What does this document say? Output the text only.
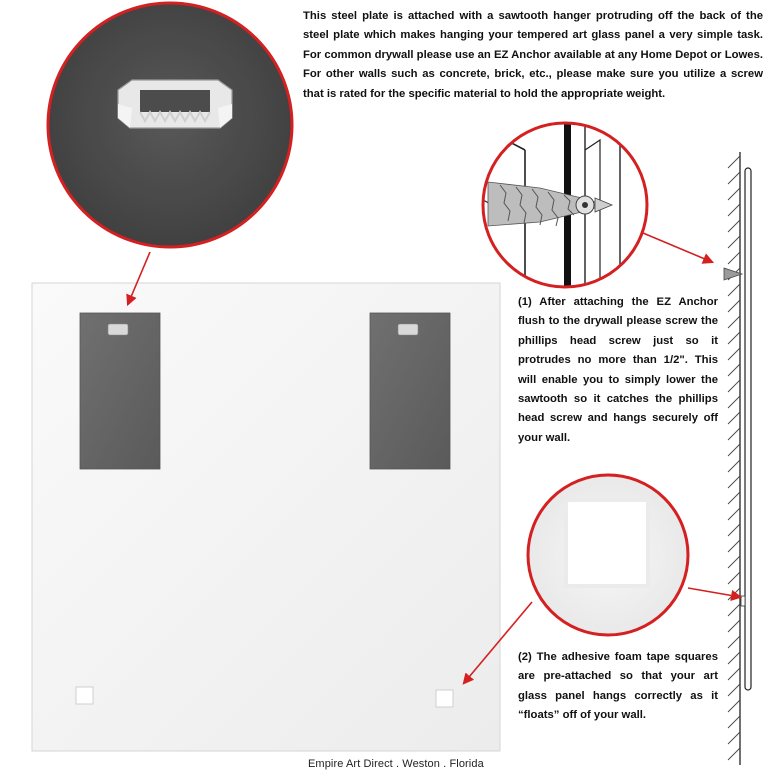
This steel plate is attached with a sawtooth hanger protruding off the back of the steel plate which makes hanging your tempered art glass panel a very simple task. For common drywall please use an EZ Anchor available at any Home Depot or Lowes. For other walls such as concrete, brick, etc., please make sure you utilize a screw that is rated for the specific material to hold the appropriate weight.
(1) After attaching the EZ Anchor flush to the drywall please screw the phillips head screw just so it protrudes no more than 1/2". This will enable you to simply lower the sawtooth so it catches the phillips head screw and hangs securely off your wall.
(2) The adhesive foam tape squares are pre-attached so that your art glass panel hangs correctly as it “floats” off of your wall.
Empire Art Direct . Weston . Florida
